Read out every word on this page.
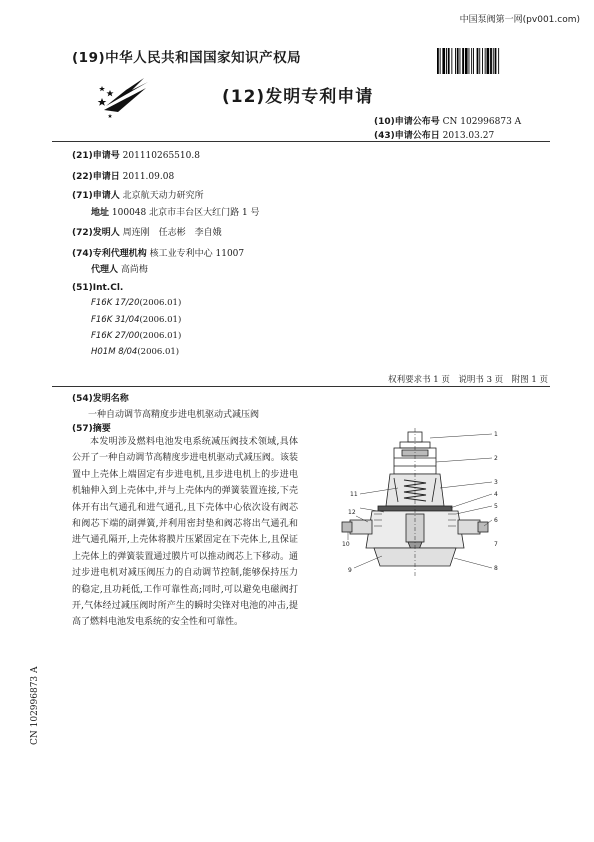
中国泵阀第一网(pv001.com)
(19)中华人民共和国国家知识产权局
(12)发明专利申请
(10)申请公布号 CN 102996873 A
(43)申请公布日 2013.03.27
(21)申请号 201110265510.8
(22)申请日 2011.09.08
(71)申请人 北京航天动力研究所
地址 100048 北京市丰台区大红门路 1 号
(72)发明人 周连刚　任志彬　李自娥
(74)专利代理机构 核工业专利中心 11007
代理人 高尚梅
(51)Int.Cl.
F16K 17/20(2006.01)
F16K 31/04(2006.01)
F16K 27/00(2006.01)
H01M 8/04(2006.01)
权利要求书 1 页　说明书 3 页　附图 1 页
(54)发明名称
一种自动调节高精度步进电机驱动式减压阀
(57)摘要

本发明涉及燃料电池发电系统减压阀技术领域,具体公开了一种自动调节高精度步进电机驱动式减压阀。该装置中上壳体上端固定有步进电机,且步进电机上的步进电机轴伸入到上壳体中,并与上壳体内的弹簧装置连接,下壳体开有出气通孔和进气通孔,且下壳体中心依次设有阀芯和阀芯下端的副弹簧,并利用密封垫和阀芯将出气通孔和进气通孔隔开,上壳体将膜片压紧固定在下壳体上,且保证上壳体上的弹簧装置通过膜片可以推动阀芯上下移动。通过步进电机对减压阀压力的自动调节控制,能够保持压力的稳定,且功耗低,工作可靠性高;同时,可以避免电磁阀打开,气体经过减压阀时所产生的瞬时尖锋对电池的冲击,提高了燃料电池发电系统的安全性和可靠性。

1
2
3
4
5
6
8
7
9
10
11
12
CN 102996873 A
